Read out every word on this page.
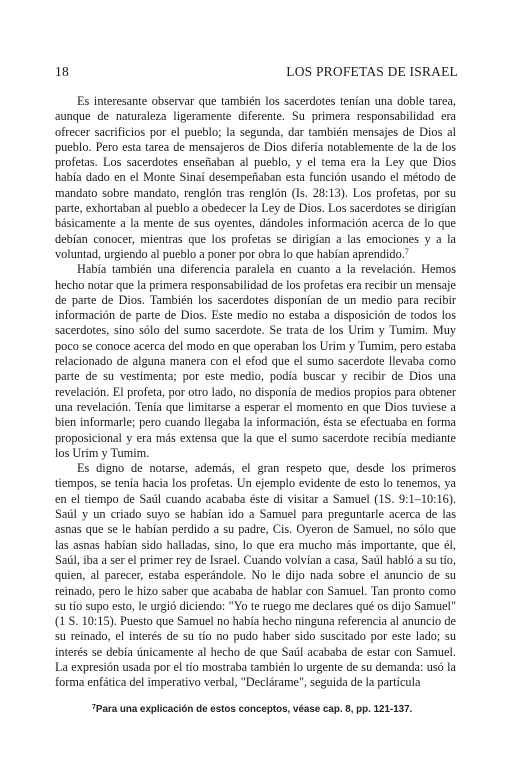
18	LOS PROFETAS DE ISRAEL

Es interesante observar que también los sacerdotes tenían una doble tarea, aunque de naturaleza ligeramente diferente. Su primera responsabilidad era ofrecer sacrificios por el pueblo; la segunda, dar también mensajes de Dios al pueblo. Pero esta tarea de mensajeros de Dios difería notablemente de la de los profetas. Los sacerdotes enseñaban al pueblo, y el tema era la Ley que Dios había dado en el Monte Sinaí desempeñaban esta función usando el método de mandato sobre mandato, renglón tras renglón (Is. 28:13). Los profetas, por su parte, exhortaban al pueblo a obedecer la Ley de Dios. Los sacerdotes se dirigían básicamente a la mente de sus oyentes, dándoles información acerca de lo que debían conocer, mientras que los profetas se dirigían a las emociones y a la voluntad, urgiendo al pueblo a poner por obra lo que habían aprendido.$^7$

Había también una diferencia paralela en cuanto a la revelación. Hemos hecho notar que la primera responsabilidad de los profetas era recibir un mensaje de parte de Dios. También los sacerdotes disponían de un medio para recibir información de parte de Dios. Este medio no estaba a disposición de todos los sacerdotes, sino sólo del sumo sacerdote. Se trata de los Urim y Tumim. Muy poco se conoce acerca del modo en que operaban los Urim y Tumim, pero estaba relacionado de alguna manera con el efod que el sumo sacerdote llevaba como parte de su vestimenta; por este medio, podía buscar y recibir de Dios una revelación. El profeta, por otro lado, no disponía de medios propios para obtener una revelación. Tenía que limitarse a esperar el momento en que Dios tuviese a bien informarle; pero cuando llegaba la información, ésta se efectuaba en forma proposicional y era más extensa que la que el sumo sacerdote recibía mediante los Urim y Tumim.

Es digno de notarse, además, el gran respeto que, desde los primeros tiempos, se tenía hacia los profetas. Un ejemplo evidente de esto lo tenemos, ya en el tiempo de Saúl cuando acababa éste di visitar a Samuel (1S. 9:1–10:16). Saúl y un criado suyo se habían ido a Samuel para preguntarle acerca de las asnas que se le habían perdido a su padre, Cis. Oyeron de Samuel, no sólo que las asnas habían sido halladas, sino, lo que era mucho más importante, que él, Saúl, iba a ser el primer rey de Israel. Cuando volvían a casa, Saúl habló a su tío, quien, al parecer, estaba esperándole. No le dijo nada sobre el anuncio de su reinado, pero le hizo saber que acababa de hablar con Samuel. Tan pronto como su tío supo esto, le urgió diciendo: "Yo te ruego me declares qué os dijo Samuel" (1 S. 10:15). Puesto que Samuel no había hecho ninguna referencia al anuncio de su reinado, el interés de su tío no pudo haber sido suscitado por este lado; su interés se debía únicamente al hecho de que Saúl acababa de estar con Samuel. La expresión usada por el tío mostraba también lo urgente de su demanda: usó la forma enfática del imperativo verbal, "Declárame", seguida de la partícula

$^7$Para una explicación de estos conceptos, véase cap. 8, pp. 121-137.
